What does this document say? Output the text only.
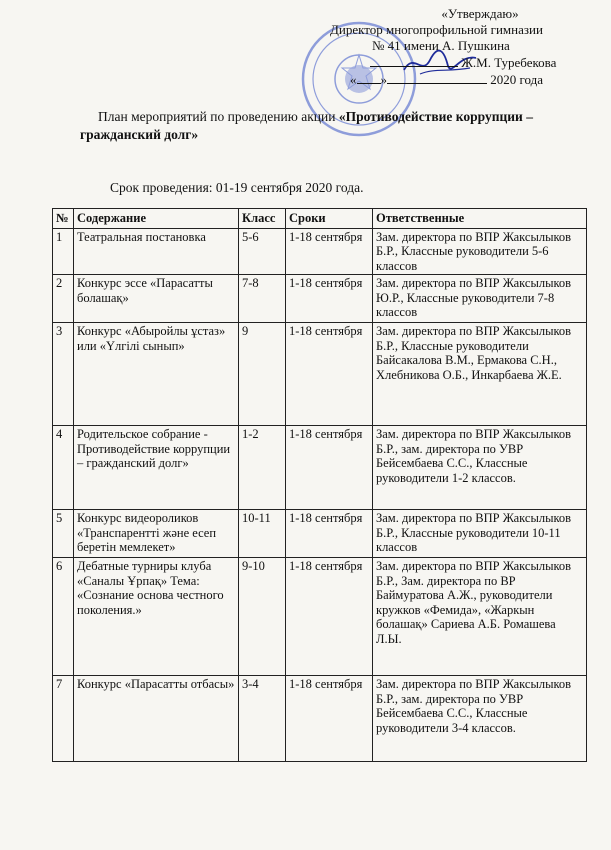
«Утверждаю»
Директор многопрофильной гимназии
№ 41 имени А. Пушкина
Ж.М. Туребекова
« »	2020 года
План мероприятий по проведению акции «Противодействие коррупции – гражданский долг»
Срок проведения: 01-19 сентября 2020 года.
№	Содержание	Класс	Сроки	Ответственные
1	Театральная постановка	5-6	1-18 сентября	Зам. директора по ВПР Жаксылыков Б.Р., Классные руководители 5-6 классов
2	Конкурс эссе «Парасатты болашақ»	7-8	1-18 сентября	Зам. директора по ВПР Жаксылыков Ю.Р., Классные руководители 7-8 классов
3	Конкурс «Абыройлы ұстаз» или «Үлгілі сынып»	9	1-18 сентября	Зам. директора по ВПР Жаксылыков Б.Р., Классные руководители Байсакалова В.М., Ермакова С.Н., Хлебникова О.Б., Инкарбаева Ж.Е.
4	Родительское собрание - Противодействие коррупции – гражданский долг»	1-2	1-18 сентября	Зам. директора по ВПР Жаксылыков Б.Р., зам. директора по УВР Бейсембаева С.С., Классные руководители 1-2 классов.
5	Конкурс видеороликов «Транспарентті және есеп беретін мемлекет»	10-11	1-18 сентября	Зам. директора по ВПР Жаксылыков Б.Р., Классные руководители 10-11 классов
6	Дебатные турниры клуба «Саналы Ұрпақ» Тема: «Сознание основа честного поколения.»	9-10	1-18 сентября	Зам. директора по ВПР Жаксылыков Б.Р., Зам. директора по ВР Баймуратова А.Ж., руководители кружков «Фемида», «Жаркын болашақ» Сариева А.Б. Ромашева Л.Ы.
7	Конкурс «Парасатты отбасы»	3-4	1-18 сентября	Зам. директора по ВПР Жаксылыков Б.Р., зам. директора по УВР Бейсембаева С.С., Классные руководители 3-4 классов.
